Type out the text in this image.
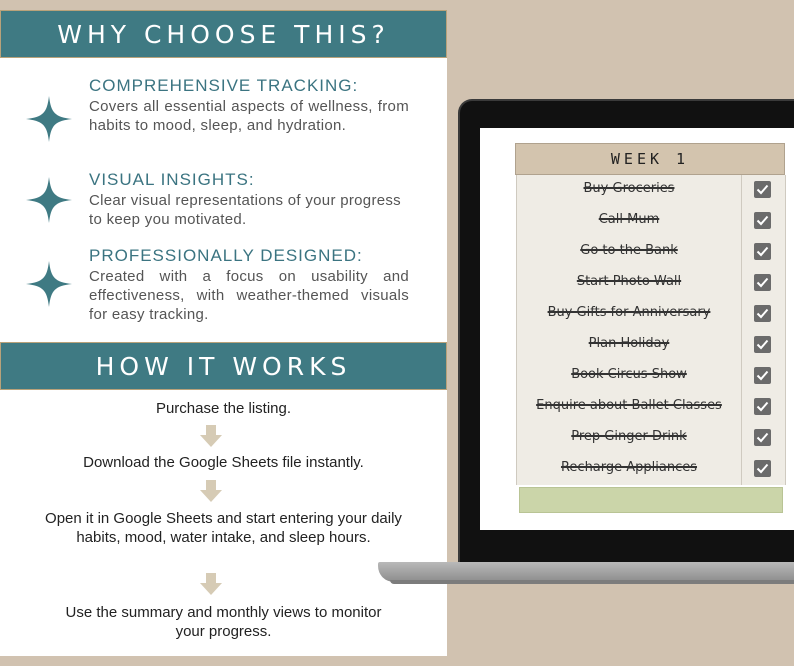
WHY CHOOSE THIS?
COMPREHENSIVE TRACKING:
Covers all essential aspects of wellness, from habits to mood, sleep, and hydration.
VISUAL INSIGHTS:
Clear visual representations of your progress to keep you motivated.
PROFESSIONALLY DESIGNED:
Created with a focus on usability and effectiveness, with weather-themed visuals for easy tracking.
HOW IT WORKS
Purchase the listing.
Download the Google Sheets file instantly.
Open it in Google Sheets and start entering your daily habits, mood, water intake, and sleep hours.
Use the summary and monthly views to monitor your progress.
WEEK 1
Buy Groceries
Call Mum
Go to the Bank
Start Photo Wall
Buy Gifts for Anniversary
Plan Holiday
Book Circus Show
Enquire about Ballet Classes
Prep Ginger Drink
Recharge Appliances
